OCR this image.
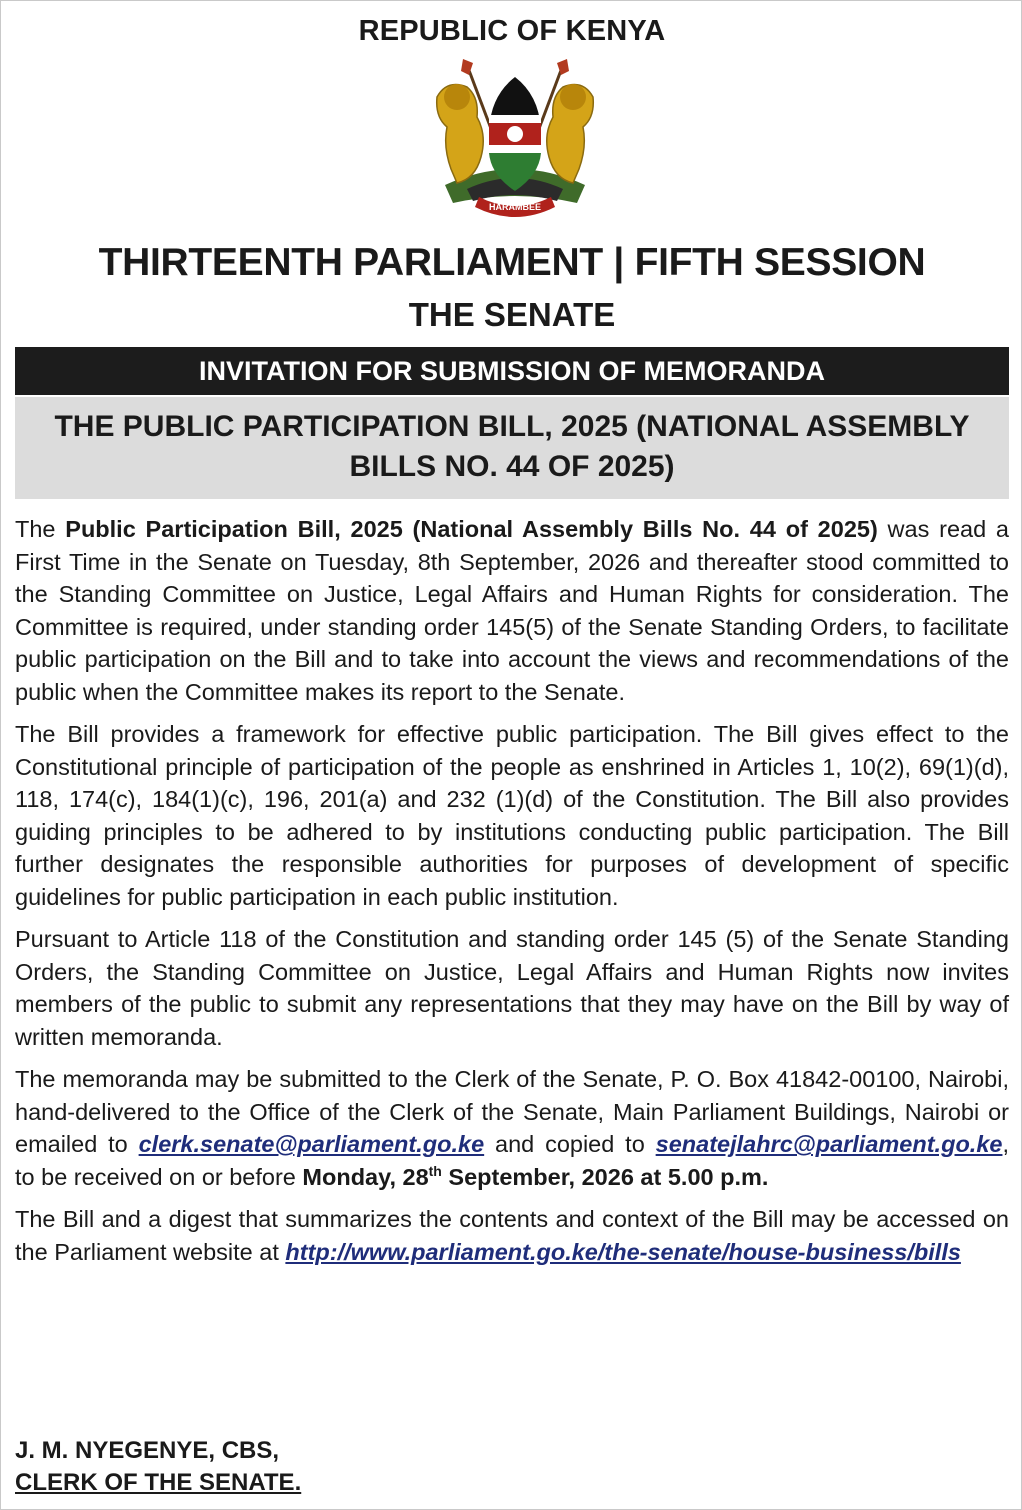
REPUBLIC OF KENYA
HARAMBEE
THIRTEENTH PARLIAMENT | FIFTH SESSION
THE SENATE
INVITATION FOR SUBMISSION OF MEMORANDA
THE PUBLIC PARTICIPATION BILL, 2025 (NATIONAL ASSEMBLY
BILLS NO. 44 OF 2025)

The Public Participation Bill, 2025 (National Assembly Bills No. 44 of 2025) was read a First Time in the Senate on Tuesday, 8th September, 2026 and thereafter stood committed to the Standing Committee on Justice, Legal Affairs and Human Rights for consideration. The Committee is required, under standing order 145(5) of the Senate Standing Orders, to facilitate public participation on the Bill and to take into account the views and recommendations of the public when the Committee makes its report to the Senate.

The Bill provides a framework for effective public participation. The Bill gives effect to the Constitutional principle of participation of the people as enshrined in Articles 1, 10(2), 69(1)(d), 118, 174(c), 184(1)(c), 196, 201(a) and 232 (1)(d) of the Constitution. The Bill also provides guiding principles to be adhered to by institutions conducting public participation. The Bill further designates the responsible authorities for purposes of development of specific guidelines for public participation in each public institution.

Pursuant to Article 118 of the Constitution and standing order 145 (5) of the Senate Standing Orders, the Standing Committee on Justice, Legal Affairs and Human Rights now invites members of the public to submit any representations that they may have on the Bill by way of written memoranda.

The memoranda may be submitted to the Clerk of the Senate, P. O. Box 41842-00100, Nairobi, hand-delivered to the Office of the Clerk of the Senate, Main Parliament Buildings, Nairobi or emailed to clerk.senate@parliament.go.ke and copied to senatejlahrc@parliament.go.ke, to be received on or before Monday, 28th September, 2026 at 5.00 p.m.

The Bill and a digest that summarizes the contents and context of the Bill may be accessed on the Parliament website at http://www.parliament.go.ke/the-senate/house-business/bills

J. M. NYEGENYE, CBS,
CLERK OF THE SENATE.
